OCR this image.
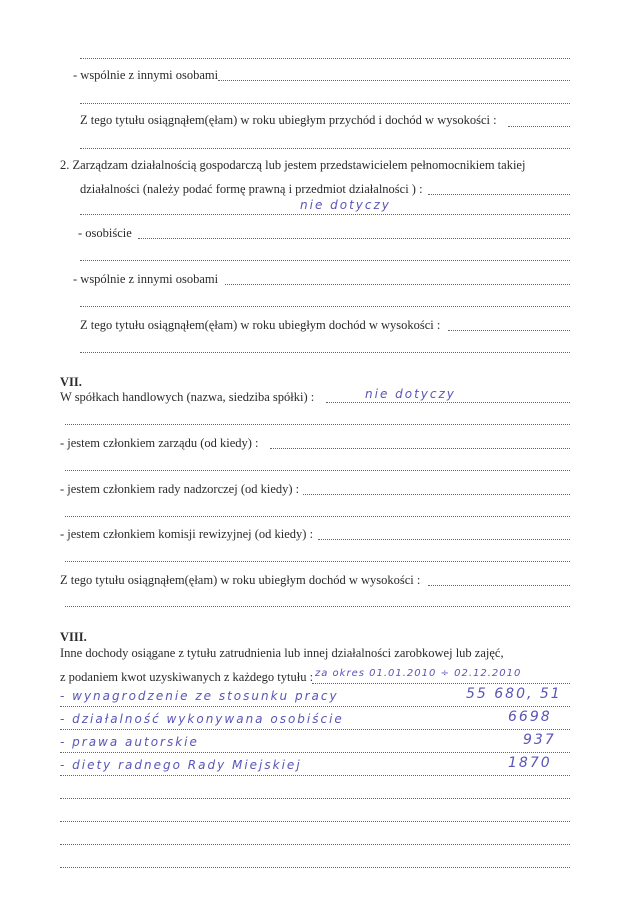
- wspólnie z innymi osobami
Z tego tytułu osiągnąłem(ęłam) w roku ubiegłym przychód i dochód w wysokości :
2. Zarządzam działalnością gospodarczą lub jestem przedstawicielem pełnomocnikiem takiej
działalności (należy podać formę prawną i przedmiot działalności ) :
nie dotyczy
- osobiście
- wspólnie z innymi osobami
Z tego tytułu osiągnąłem(ęłam) w roku ubiegłym dochód w wysokości :
VII.
W spółkach handlowych (nazwa, siedziba spółki) :	nie dotyczy
- jestem członkiem zarządu (od kiedy) :
- jestem członkiem rady nadzorczej (od kiedy) :
- jestem członkiem komisji rewizyjnej (od kiedy) :
Z tego tytułu osiągnąłem(ęłam) w roku ubiegłym dochód w wysokości :
VIII.
Inne dochody osiągane z tytułu zatrudnienia lub innej działalności zarobkowej lub zajęć,
z podaniem kwot uzyskiwanych z każdego tytułu : za okres 01.01.2010 ÷ 02.12.2010
- wynagrodzenie ze stosunku pracy	55 680, 51
- działalność wykonywana osobiście	6698
- prawa autorskie	937
- diety radnego Rady Miejskiej	1870
